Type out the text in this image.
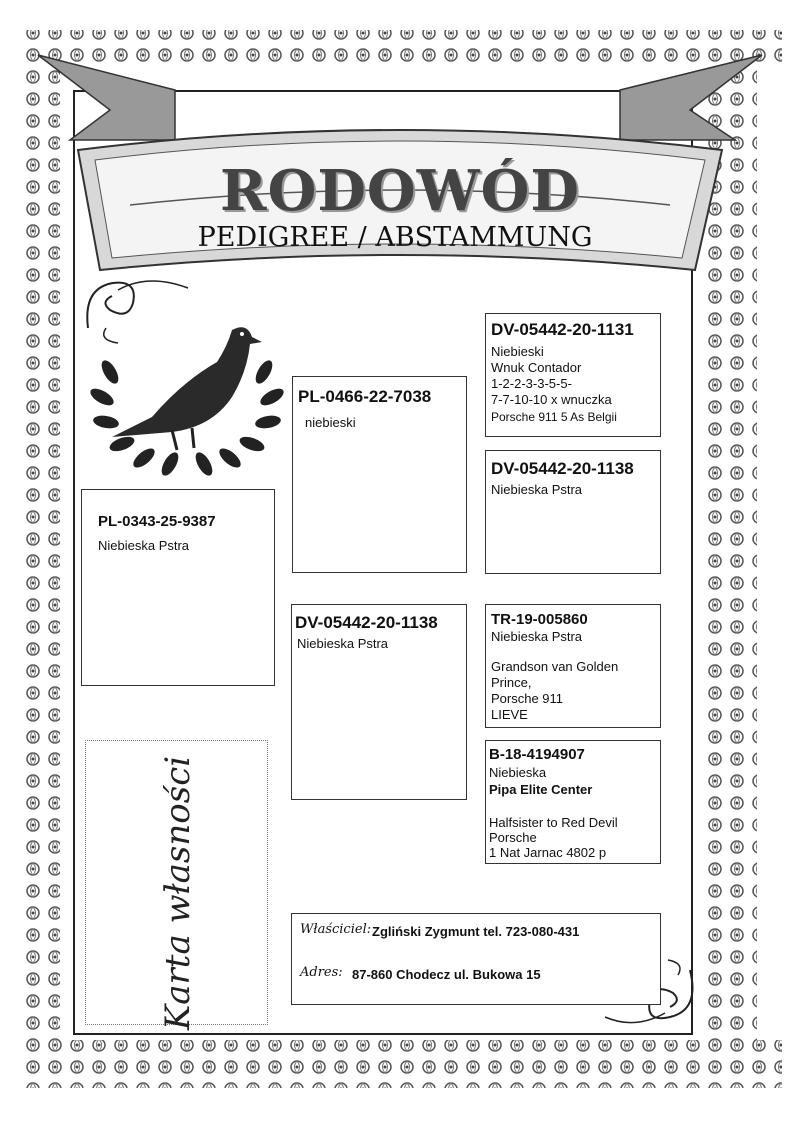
RODOWÓD
PEDIGREE / ABSTAMMUNG
PL-0343-25-9387
Niebieska Pstra
PL-0466-22-7038
niebieski
DV-05442-20-1138
Niebieska Pstra
DV-05442-20-1131
Niebieski
Wnuk Contador
1-2-2-3-3-5-5-
7-7-10-10 x wnuczka
Porsche 911 5 As Belgii
DV-05442-20-1138
Niebieska Pstra
TR-19-005860
Niebieska Pstra
Grandson van Golden
Prince,
Porsche 911
LIEVE
B-18-4194907
Niebieska
Pipa Elite Center
Halfsister to Red Devil
Porsche
1 Nat Jarnac 4802 p
Karta własności	Właściciel: Zgliński Zygmunt tel. 723-080-431
Adres: 87-860 Chodecz ul. Bukowa 15
